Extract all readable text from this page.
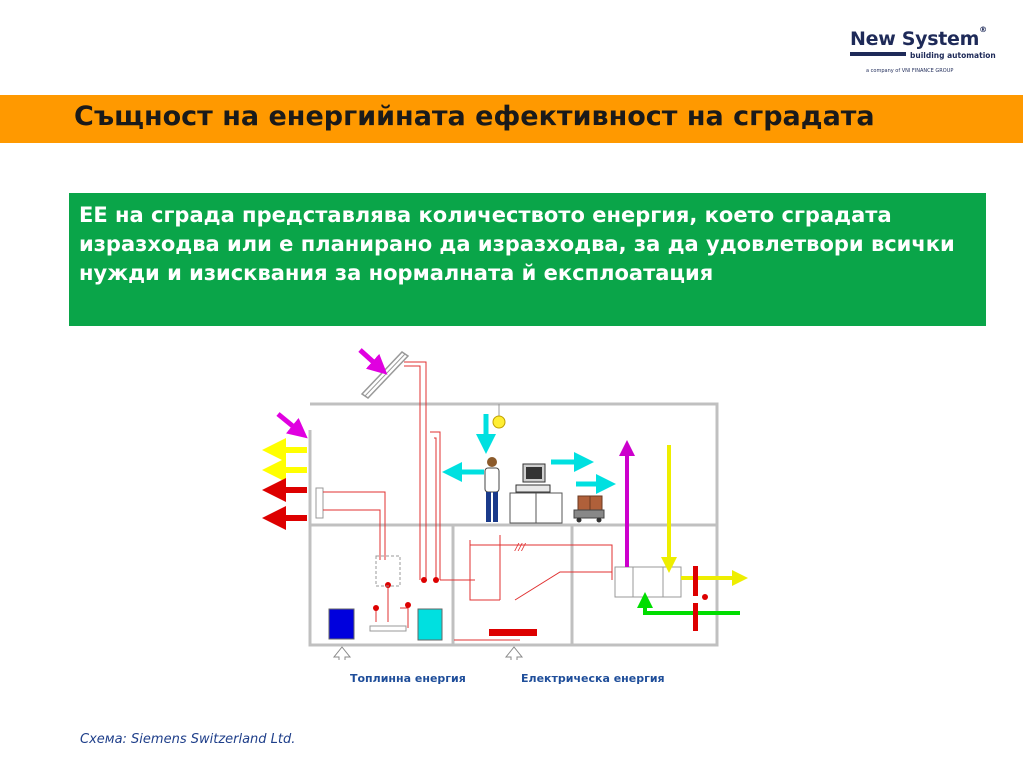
New System®
building automation
a company of VNI FINANCE GROUP
Същност на енергийната ефективност на сградата
ЕЕ на сграда представлява количеството енергия, което сградата изразходва или е планирано да изразходва, за да удовлетвори всички нужди и изисквания за нормалната й експлоатация
///
Топлинна енергия	Електрическа енергия
Схема: Siemens Switzerland Ltd.
